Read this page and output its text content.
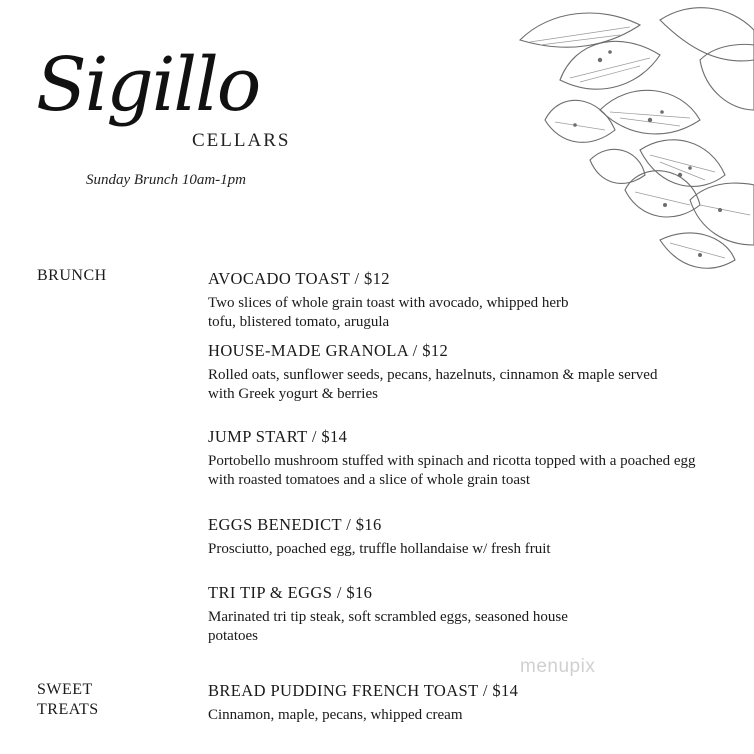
Sigillo
CELLARS
Sunday Brunch 10am-1pm
BRUNCH	AVOCADO TOAST / $12
Two slices of whole grain toast with avocado, whipped herb tofu, blistered tomato, arugula
HOUSE-MADE GRANOLA / $12
Rolled oats, sunflower seeds, pecans, hazelnuts, cinnamon & maple served with Greek yogurt & berries
JUMP START / $14
Portobello mushroom stuffed with spinach and ricotta topped with a poached egg with roasted tomatoes and a slice of whole grain toast
EGGS BENEDICT / $16
Prosciutto, poached egg, truffle hollandaise w/ fresh fruit
TRI TIP & EGGS / $16
Marinated tri tip steak, soft scrambled eggs, seasoned house potatoes
SWEET TREATS
BREAD PUDDING FRENCH TOAST / $14
Cinnamon, maple, pecans, whipped cream
menupix
